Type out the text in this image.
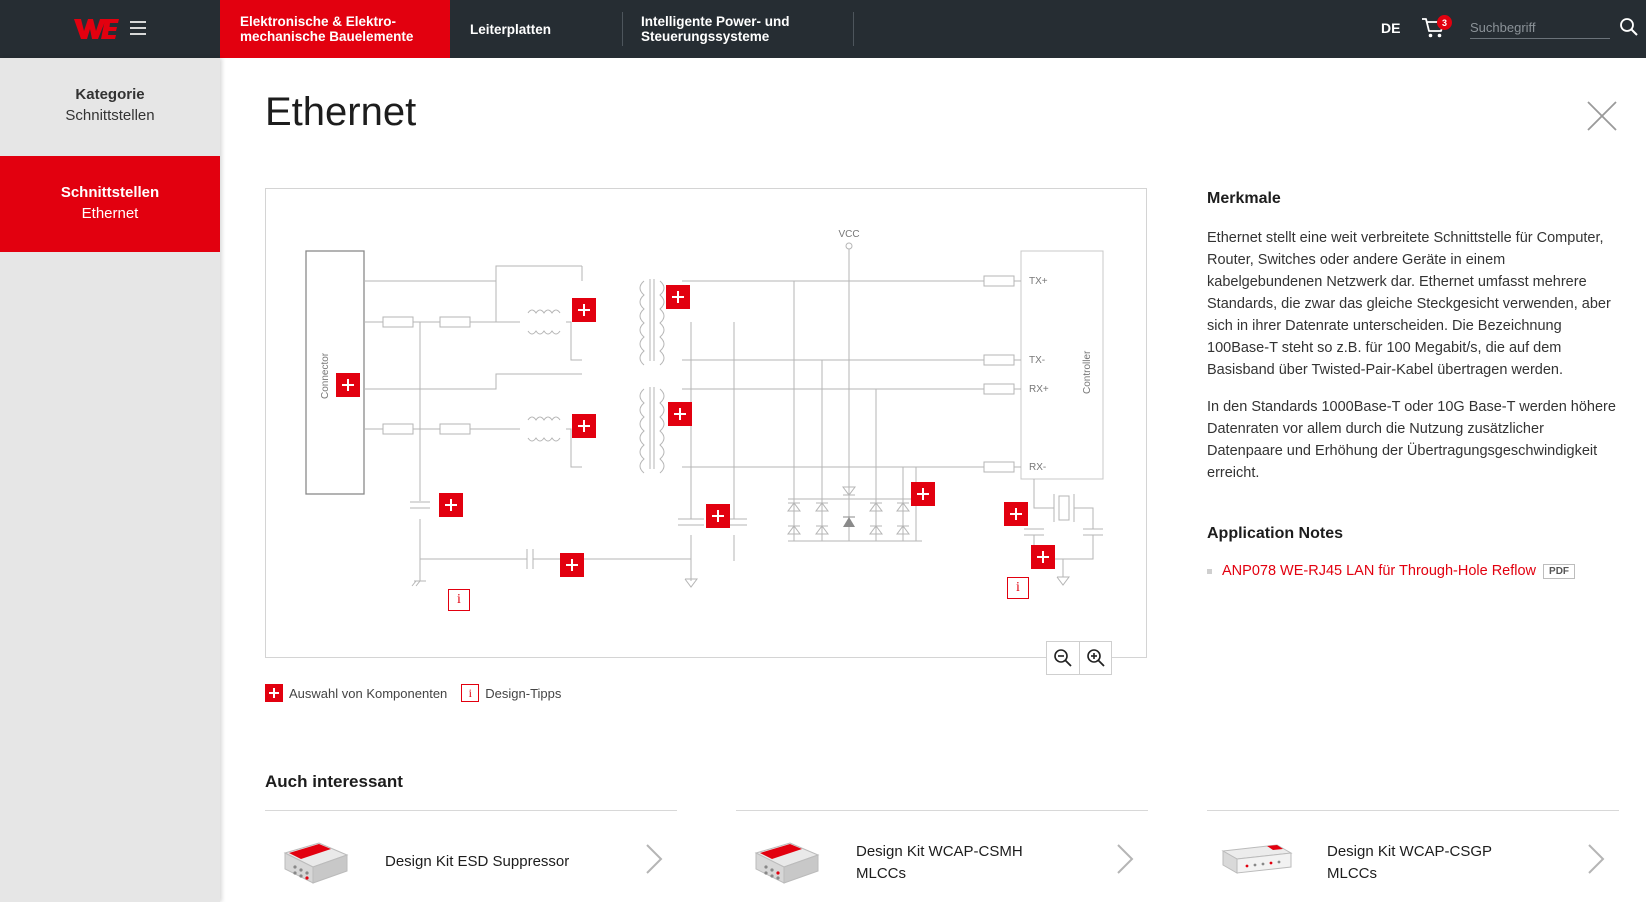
Elektronische & Elektro-
mechanische Bauelemente	Leiterplatten	Intelligente Power- und
Steuerungssysteme
DE	3
Suchbegriff
Kategorie
Schnittstellen
Schnittstellen
Ethernet
Ethernet
VCC
TX+
TX-
RX+
RX-
Connector	Controller
i
i
Auswahl von Komponenten	i	Design-Tipps
Merkmale

Ethernet stellt eine weit verbreitete Schnittstelle für Computer, Router, Switches oder andere Geräte in einem kabelgebundenen Netzwerk dar. Ethernet umfasst mehrere Standards, die zwar das gleiche Steckgesicht verwenden, aber sich in ihrer Datenrate unterscheiden. Die Bezeichnung 100Base-T steht so z.B. für 100 Megabit/s, die auf dem Basisband über Twisted-Pair-Kabel übertragen werden.

In den Standards 1000Base-T oder 10G Base-T werden höhere Datenraten vor allem durch die Nutzung zusätzlicher Datenpaare und Erhöhung der Übertragungsgeschwindigkeit erreicht.

Application Notes
ANP078 WE-RJ45 LAN für Through-Hole Reflow	PDF
Auch interessant
Design Kit ESD Suppressor
Design Kit WCAP-CSMH
MLCCs
Design Kit WCAP-CSGP
MLCCs
